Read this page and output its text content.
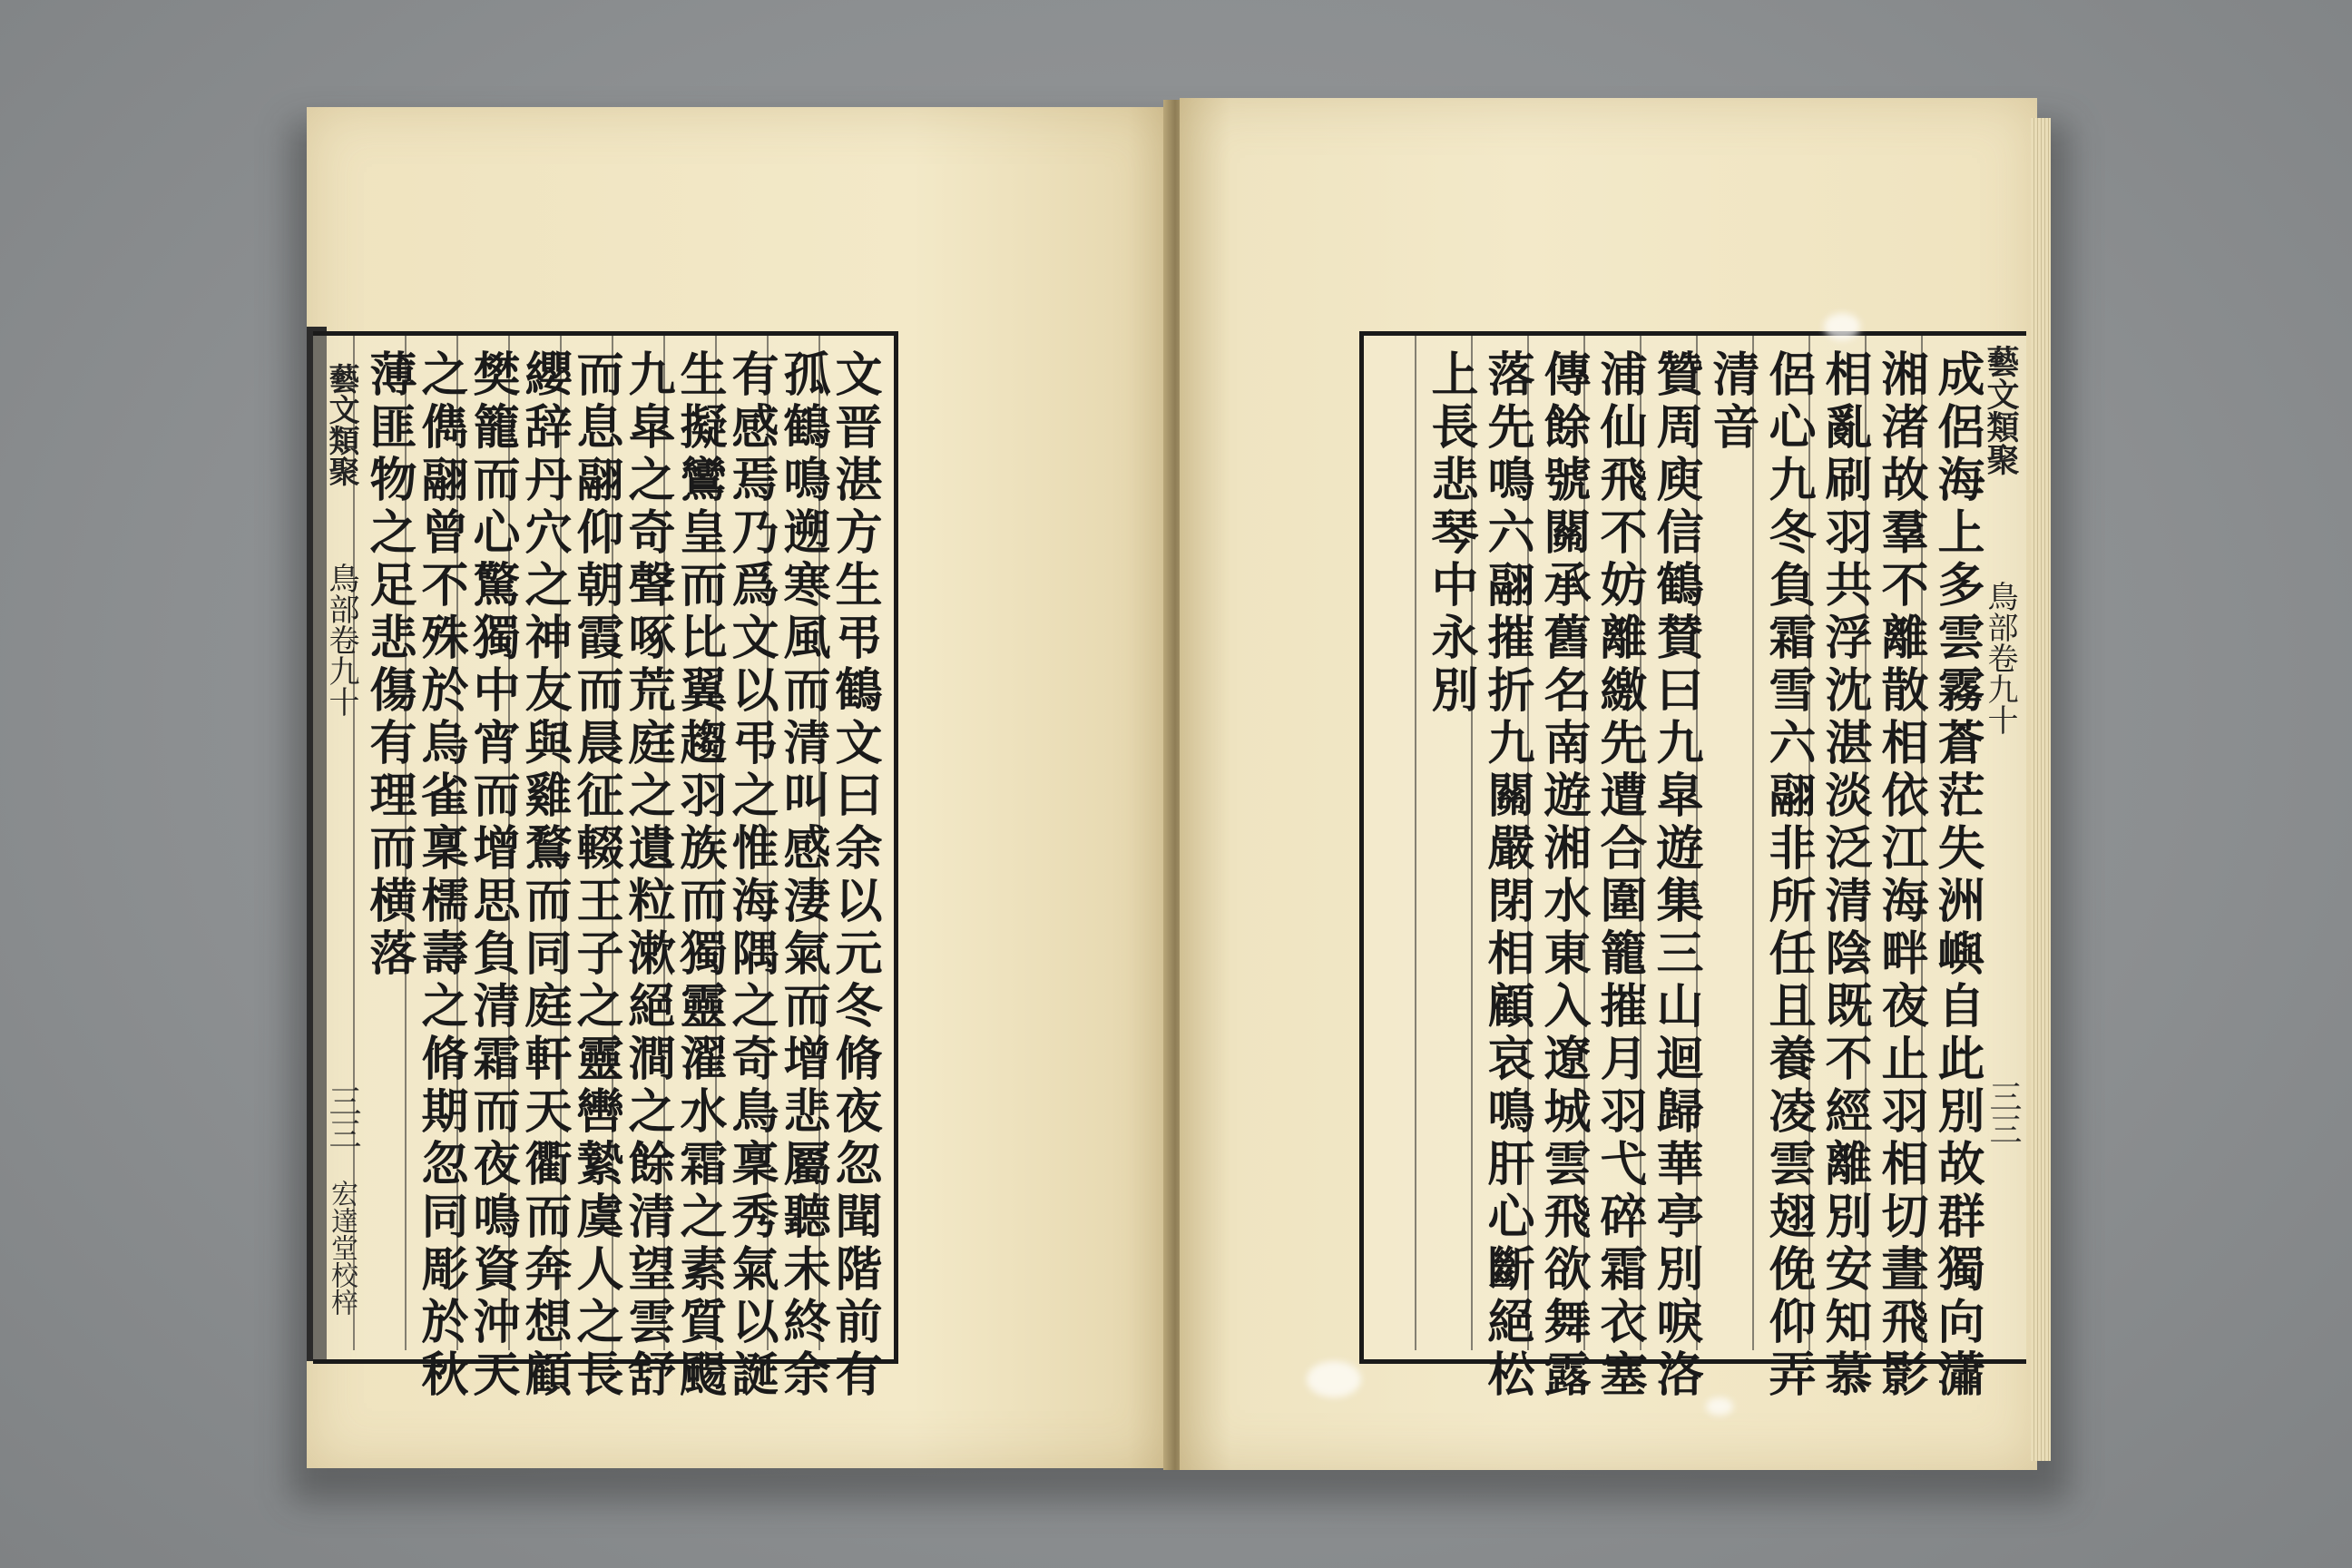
文晋湛方生弔鶴文曰余以元冬脩夜忽聞階前有
孤鶴鳴遡寒風而清叫感淒氣而增悲屬聽未終余
有感焉乃爲文以弔之惟海隅之奇鳥稟秀氣以誕
生擬鸞皇而比翼趨羽族而獨靈濯水霜之素質颺
九皐之奇聲啄荒庭之遺粒漱絕澗之餘清望雲舒
而息翮仰朝霞而晨征輟王子之靈轡縶虞人之長
纓辞丹穴之神友與雞鶩而同庭軒天衢而奔想顧
樊籠而心驚獨中宵而增思負清霜而夜鳴資沖天
之儁翮曾不殊於烏雀稟檽壽之脩期忽同彫於秋
薄匪物之足悲傷有理而横落
藝文類聚
鳥部卷九十
三三
宏達堂校梓	成侶海上多雲霧蒼茫失洲嶼自此別故群獨向瀟
湘渚故羣不離散相依江海畔夜止羽相切晝飛影
相亂刷羽共浮沈湛淡泛清陰既不經離別安知慕
侶心九冬負霜雪六翮非所任且養凌雲翅俛仰弄
清音
贊周庾信鶴賛曰九皐遊集三山迴歸華亭別唳洛
浦仙飛不妨離繳先遭合圍籠摧月羽弋碎霜衣塞
傳餘號關承舊名南遊湘水東入遼城雲飛欲舞露
落先鳴六翮摧折九關嚴閉相顧哀鳴肝心斷絕松
上長悲琴中永別	藝文類聚
鳥部卷九十
三三
